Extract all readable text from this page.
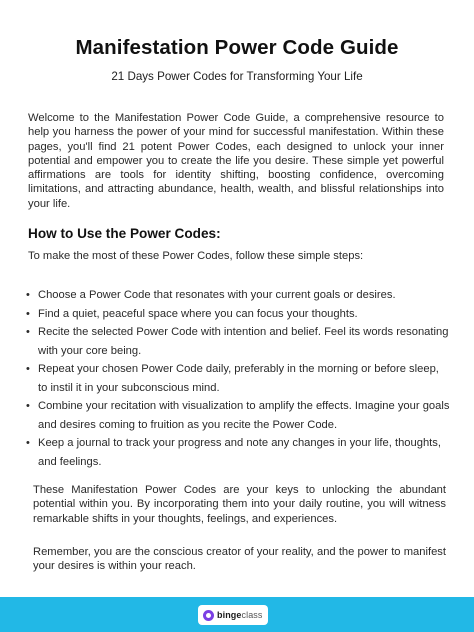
Manifestation Power Code Guide
21 Days Power Codes for Transforming Your Life

Welcome to the Manifestation Power Code Guide, a comprehensive resource to help you harness the power of your mind for successful manifestation. Within these pages, you'll find 21 potent Power Codes, each designed to unlock your inner potential and empower you to create the life you desire. These simple yet powerful affirmations are tools for identity shifting, boosting confidence, overcoming limitations, and attracting abundance, health, wealth, and blissful relationships into your life.

How to Use the Power Codes:

To make the most of these Power Codes, follow these simple steps:

• Choose a Power Code that resonates with your current goals or desires.
• Find a quiet, peaceful space where you can focus your thoughts.
• Recite the selected Power Code with intention and belief. Feel its words resonating with your core being.
• Repeat your chosen Power Code daily, preferably in the morning or before sleep, to instil it in your subconscious mind.
• Combine your recitation with visualization to amplify the effects. Imagine your goals and desires coming to fruition as you recite the Power Code.
• Keep a journal to track your progress and note any changes in your life, thoughts, and feelings.

These Manifestation Power Codes are your keys to unlocking the abundant potential within you. By incorporating them into your daily routine, you will witness remarkable shifts in your thoughts, feelings, and experiences.

Remember, you are the conscious creator of your reality, and the power to manifest your desires is within your reach.

bingeclass
